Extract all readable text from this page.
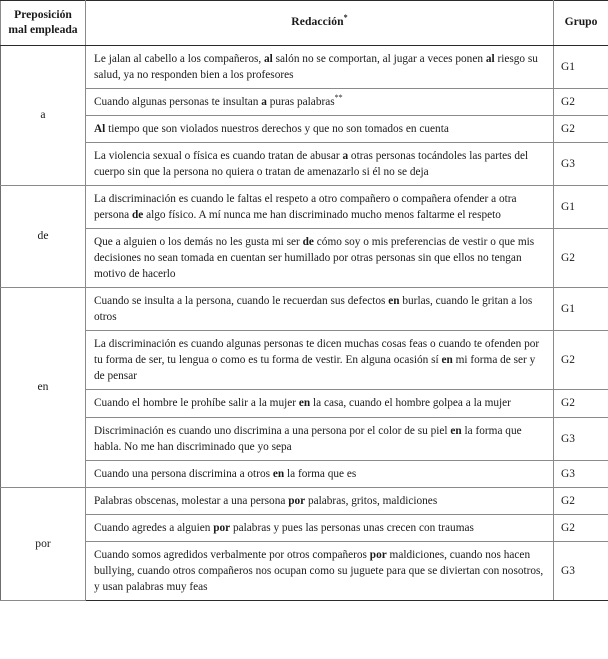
Preposición
mal empleada	Redacción*	Grupo
a	Le jalan al cabello a los compañeros, al salón no se comportan, al jugar a veces ponen al riesgo su salud, ya no responden bien a los profesores	G1
	Cuando algunas personas te insultan a puras palabras**	G2
	Al tiempo que son violados nuestros derechos y que no son tomados en cuenta	G2
	La violencia sexual o física es cuando tratan de abusar a otras personas tocándoles las partes del cuerpo sin que la persona no quiera o tratan de amenazarlo si él no se deja	G3
de	La discriminación es cuando le faltas el respeto a otro compañero o compañera ofender a otra persona de algo físico. A mí nunca me han discriminado mucho menos faltarme el respeto	G1
	Que a alguien o los demás no les gusta mi ser de cómo soy o mis preferencias de vestir o que mis decisiones no sean tomada en cuentan ser humillado por otras personas sin que ellos no tengan motivo de hacerlo	G2
en	Cuando se insulta a la persona, cuando le recuerdan sus defectos en burlas, cuando le gritan a los otros	G1
	La discriminación es cuando algunas personas te dicen muchas cosas feas o cuando te ofenden por tu forma de ser, tu lengua o como es tu forma de vestir. En alguna ocasión sí en mi forma de ser y de pensar	G2
	Cuando el hombre le prohíbe salir a la mujer en la casa, cuando el hombre golpea a la mujer	G2
	Discriminación es cuando uno discrimina a una persona por el color de su piel en la forma que habla. No me han discriminado que yo sepa	G3
	Cuando una persona discrimina a otros en la forma que es	G3
por	Palabras obscenas, molestar a una persona por palabras, gritos, maldiciones	G2
	Cuando agredes a alguien por palabras y pues las personas unas crecen con traumas	G2
	Cuando somos agredidos verbalmente por otros compañeros por maldiciones, cuando nos hacen bullying, cuando otros compañeros nos ocupan como su juguete para que se diviertan con nosotros, y usan palabras muy feas	G3
